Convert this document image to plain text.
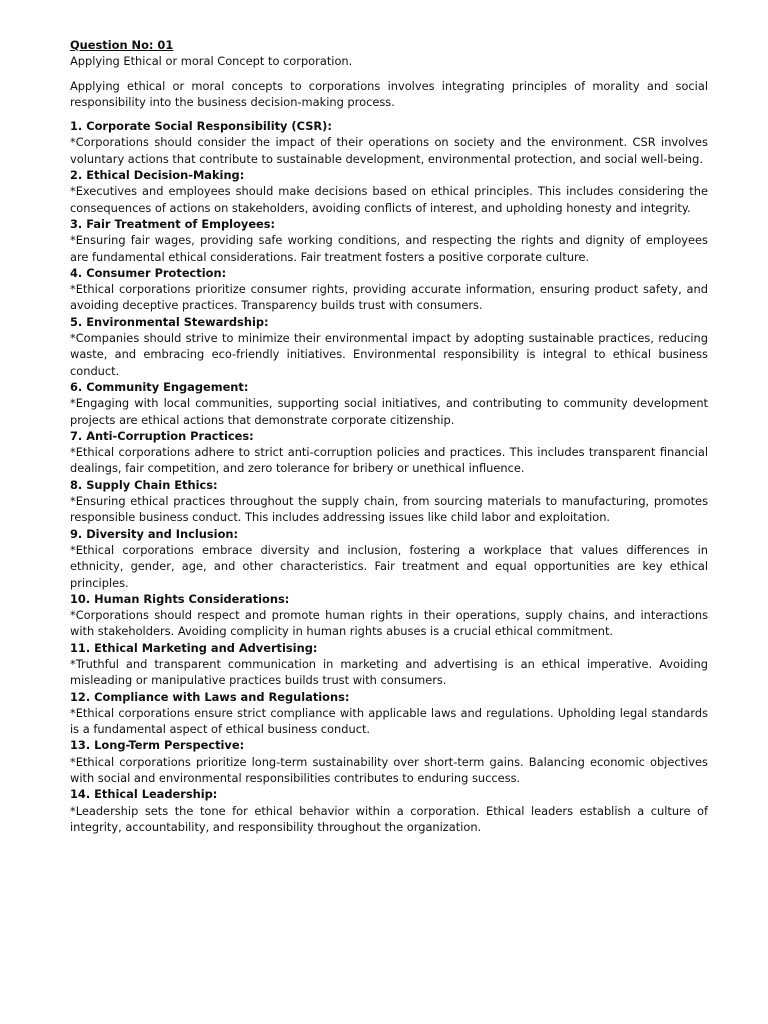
Question No: 01

Applying Ethical or moral Concept to corporation.

Applying ethical or moral concepts to corporations involves integrating principles of morality and social responsibility into the business decision-making process.

1. Corporate Social Responsibility (CSR):

*Corporations should consider the impact of their operations on society and the environment. CSR involves voluntary actions that contribute to sustainable development, environmental protection, and social well-being.

2. Ethical Decision-Making:

*Executives and employees should make decisions based on ethical principles. This includes considering the consequences of actions on stakeholders, avoiding conflicts of interest, and upholding honesty and integrity.

3. Fair Treatment of Employees:

*Ensuring fair wages, providing safe working conditions, and respecting the rights and dignity of employees are fundamental ethical considerations. Fair treatment fosters a positive corporate culture.

4. Consumer Protection:

*Ethical corporations prioritize consumer rights, providing accurate information, ensuring product safety, and avoiding deceptive practices. Transparency builds trust with consumers.

5. Environmental Stewardship:

*Companies should strive to minimize their environmental impact by adopting sustainable practices, reducing waste, and embracing eco-friendly initiatives. Environmental responsibility is integral to ethical business conduct.

6. Community Engagement:

*Engaging with local communities, supporting social initiatives, and contributing to community development projects are ethical actions that demonstrate corporate citizenship.

7. Anti-Corruption Practices:

*Ethical corporations adhere to strict anti-corruption policies and practices. This includes transparent financial dealings, fair competition, and zero tolerance for bribery or unethical influence.

8. Supply Chain Ethics:

*Ensuring ethical practices throughout the supply chain, from sourcing materials to manufacturing, promotes responsible business conduct. This includes addressing issues like child labor and exploitation.

9. Diversity and Inclusion:

*Ethical corporations embrace diversity and inclusion, fostering a workplace that values differences in ethnicity, gender, age, and other characteristics. Fair treatment and equal opportunities are key ethical principles.

10. Human Rights Considerations:

*Corporations should respect and promote human rights in their operations, supply chains, and interactions with stakeholders. Avoiding complicity in human rights abuses is a crucial ethical commitment.

11. Ethical Marketing and Advertising:

*Truthful and transparent communication in marketing and advertising is an ethical imperative. Avoiding misleading or manipulative practices builds trust with consumers.

12. Compliance with Laws and Regulations:

*Ethical corporations ensure strict compliance with applicable laws and regulations. Upholding legal standards is a fundamental aspect of ethical business conduct.

13. Long-Term Perspective:

*Ethical corporations prioritize long-term sustainability over short-term gains. Balancing economic objectives with social and environmental responsibilities contributes to enduring success.

14. Ethical Leadership:

*Leadership sets the tone for ethical behavior within a corporation. Ethical leaders establish a culture of integrity, accountability, and responsibility throughout the organization.
